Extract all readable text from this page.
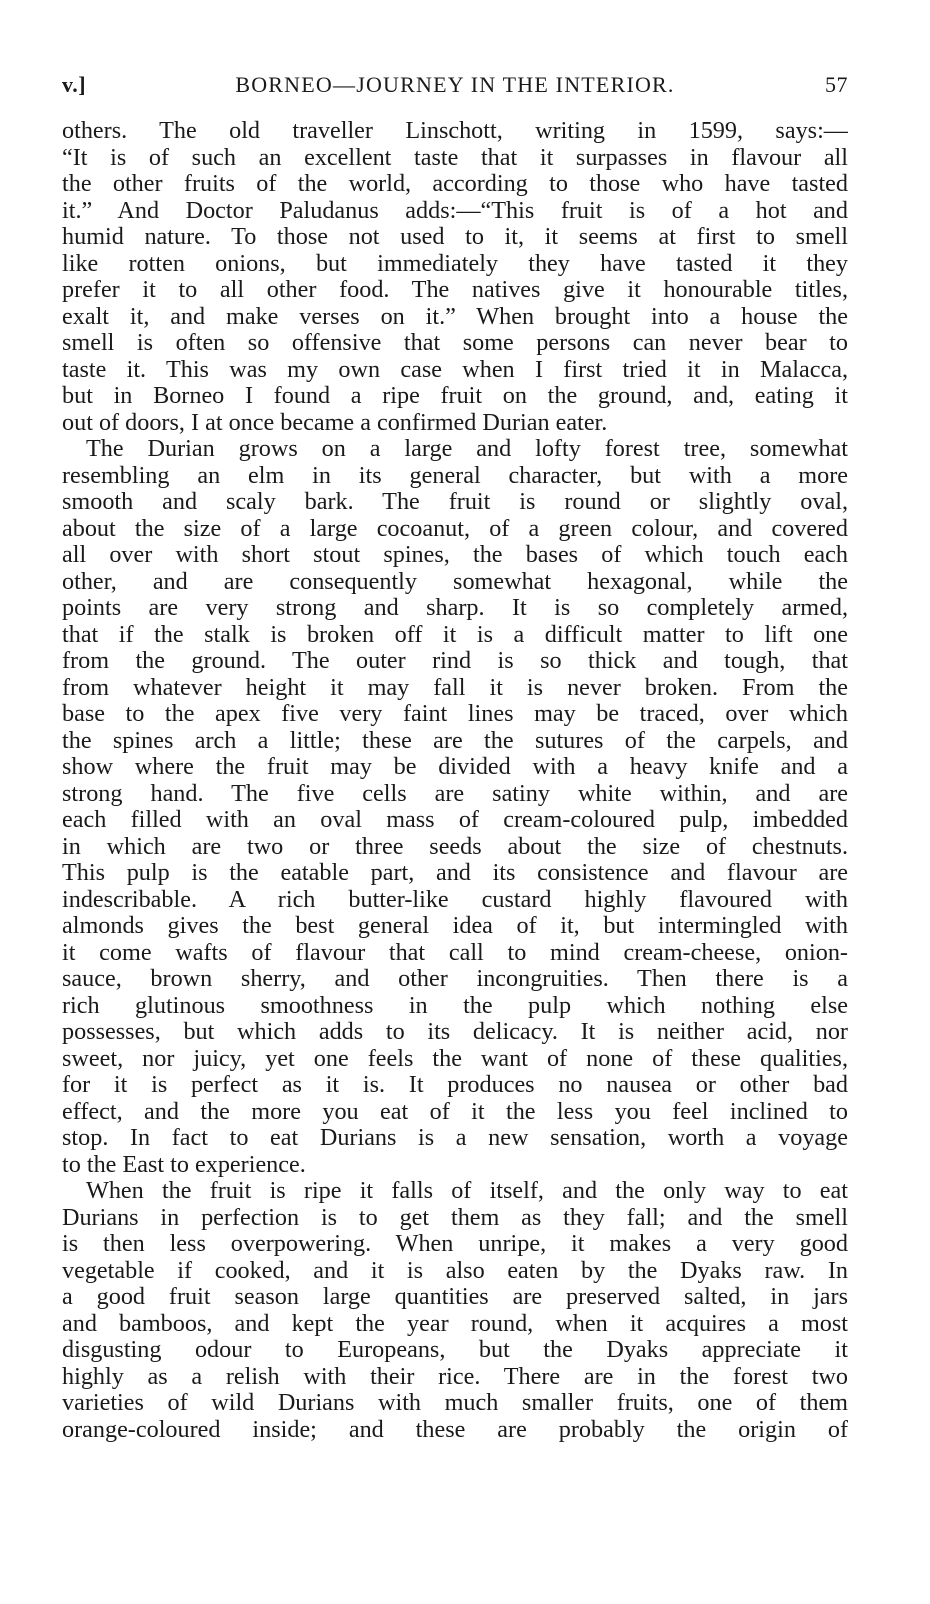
v.]	BORNEO—JOURNEY IN THE INTERIOR.	57
others. The old traveller Linschott, writing in 1599, says:—
“It is of such an excellent taste that it surpasses in flavour all
the other fruits of the world, according to those who have tasted
it.” And Doctor Paludanus adds:—“This fruit is of a hot and
humid nature. To those not used to it, it seems at first to smell
like rotten onions, but immediately they have tasted it they
prefer it to all other food. The natives give it honourable titles,
exalt it, and make verses on it.” When brought into a house the
smell is often so offensive that some persons can never bear to
taste it. This was my own case when I first tried it in Malacca,
but in Borneo I found a ripe fruit on the ground, and, eating it
out of doors, I at once became a confirmed Durian eater.
The Durian grows on a large and lofty forest tree, somewhat
resembling an elm in its general character, but with a more
smooth and scaly bark. The fruit is round or slightly oval,
about the size of a large cocoanut, of a green colour, and covered
all over with short stout spines, the bases of which touch each
other, and are consequently somewhat hexagonal, while the
points are very strong and sharp. It is so completely armed,
that if the stalk is broken off it is a difficult matter to lift one
from the ground. The outer rind is so thick and tough, that
from whatever height it may fall it is never broken. From the
base to the apex five very faint lines may be traced, over which
the spines arch a little; these are the sutures of the carpels, and
show where the fruit may be divided with a heavy knife and a
strong hand. The five cells are satiny white within, and are
each filled with an oval mass of cream-coloured pulp, imbedded
in which are two or three seeds about the size of chestnuts.
This pulp is the eatable part, and its consistence and flavour are
indescribable. A rich butter-like custard highly flavoured with
almonds gives the best general idea of it, but intermingled with
it come wafts of flavour that call to mind cream-cheese, onion-
sauce, brown sherry, and other incongruities. Then there is a
rich glutinous smoothness in the pulp which nothing else
possesses, but which adds to its delicacy. It is neither acid, nor
sweet, nor juicy, yet one feels the want of none of these qualities,
for it is perfect as it is. It produces no nausea or other bad
effect, and the more you eat of it the less you feel inclined to
stop. In fact to eat Durians is a new sensation, worth a voyage
to the East to experience.
When the fruit is ripe it falls of itself, and the only way to eat
Durians in perfection is to get them as they fall; and the smell
is then less overpowering. When unripe, it makes a very good
vegetable if cooked, and it is also eaten by the Dyaks raw. In
a good fruit season large quantities are preserved salted, in jars
and bamboos, and kept the year round, when it acquires a most
disgusting odour to Europeans, but the Dyaks appreciate it
highly as a relish with their rice. There are in the forest two
varieties of wild Durians with much smaller fruits, one of them
orange-coloured inside; and these are probably the origin of
